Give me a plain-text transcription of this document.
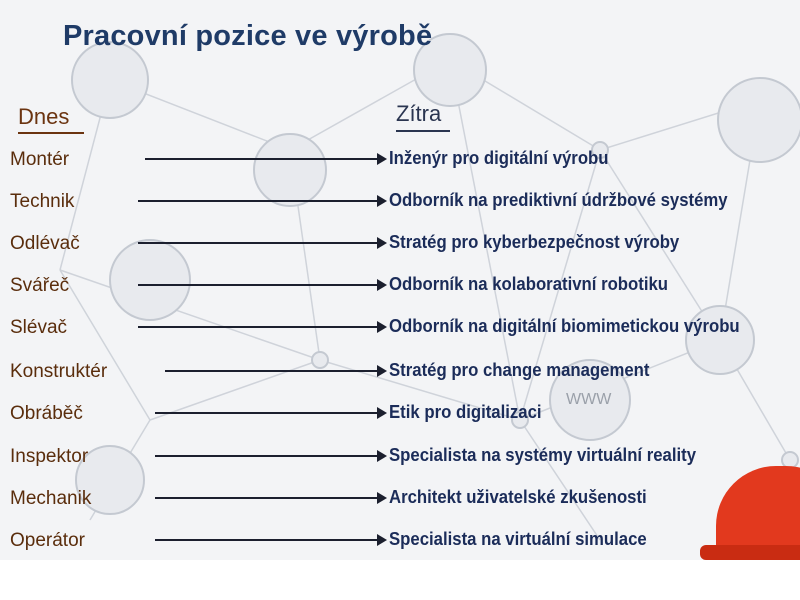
WWW
Pracovní pozice ve výrobě
Dnes	Zítra
Montér	Inženýr pro digitální výrobu
Technik	Odborník na prediktivní údržbové systémy
Odlévač	Stratég pro kyberbezpečnost výroby
Svářeč	Odborník na kolaborativní robotiku
Slévač	Odborník na digitální biomimetickou výrobu
Konstruktér	Stratég pro change management
Obráběč	Etik pro digitalizaci
Inspektor	Specialista na systémy virtuální reality
Mechanik	Architekt uživatelské zkušenosti
Operátor	Specialista na virtuální simulace
